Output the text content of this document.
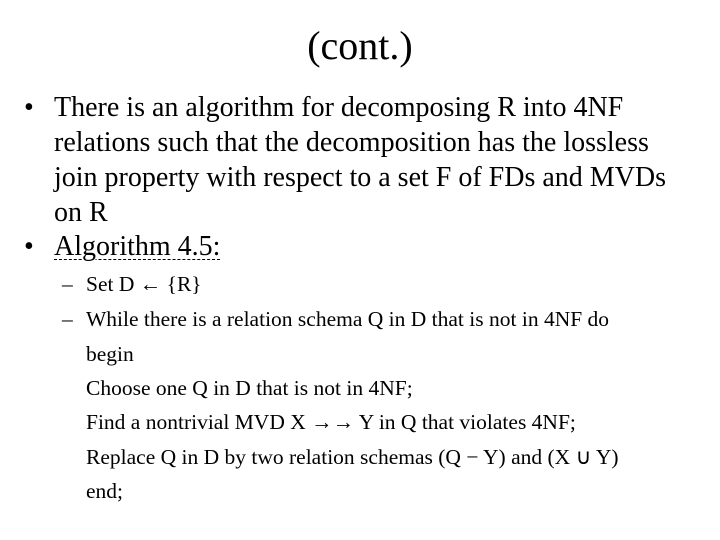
(cont.)
• There is an algorithm for decomposing R into 4NF
relations such that the decomposition has the lossless
join property with respect to a set F of FDs and MVDs
on R
• Algorithm 4.5:
– Set D ← {R}
– While there is a relation schema Q in D that is not in 4NF do
begin
Choose one Q in D that is not in 4NF;
Find a nontrivial MVD X →→ Y in Q that violates 4NF;
Replace Q in D by two relation schemas (Q − Y) and (X ∪ Y)
end;
